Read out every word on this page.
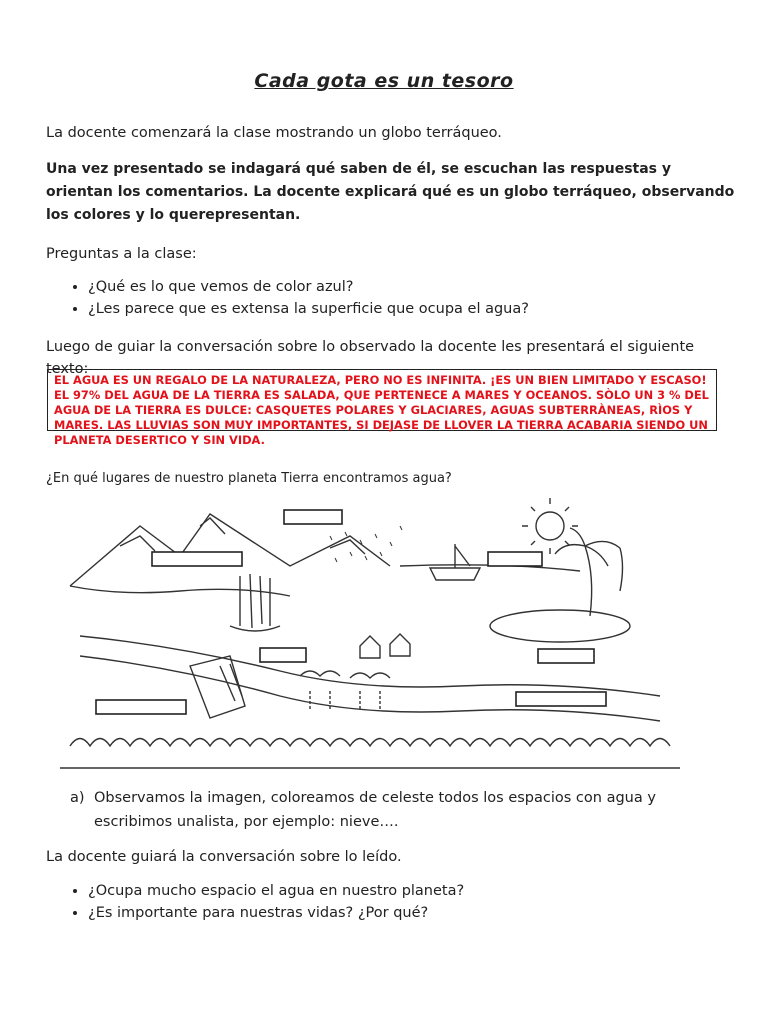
Cada gota es un tesoro
La docente comenzará la clase mostrando un globo terráqueo.
Una vez presentado se indagará qué saben de él, se escuchan las respuestas y orientan los comentarios. La docente explicará qué es un globo terráqueo, observando los colores y lo querepresentan.
Preguntas a la clase:
• ¿Qué es lo que vemos de color azul?
• ¿Les parece que es extensa la superficie que ocupa el agua?
Luego de guiar la conversación sobre lo observado la docente les presentará el siguiente texto:
EL AGUA ES UN REGALO DE LA NATURALEZA, PERO NO ES INFINITA. ¡ES UN BIEN LIMITADO Y ESCASO! EL 97% DEL AGUA DE LA TIERRA ES SALADA, QUE PERTENECE A MARES Y OCEANOS. SÒLO UN 3 % DEL AGUA DE LA TIERRA ES DULCE: CASQUETES POLARES Y GLACIARES, AGUAS SUBTERRÀNEAS, RÌOS Y MARES. LAS LLUVIAS SON MUY IMPORTANTES, SI DEJASE DE LLOVER LA TIERRA ACABARIA SIENDO UN PLANETA DESERTICO Y SIN VIDA.
¿En qué lugares de nuestro planeta Tierra encontramos agua?
a) Observamos la imagen, coloreamos de celeste todos los espacios con agua y escribimos unalista, por ejemplo: nieve….
La docente guiará la conversación sobre lo leído.
• ¿Ocupa mucho espacio el agua en nuestro planeta?
• ¿Es importante para nuestras vidas? ¿Por qué?
